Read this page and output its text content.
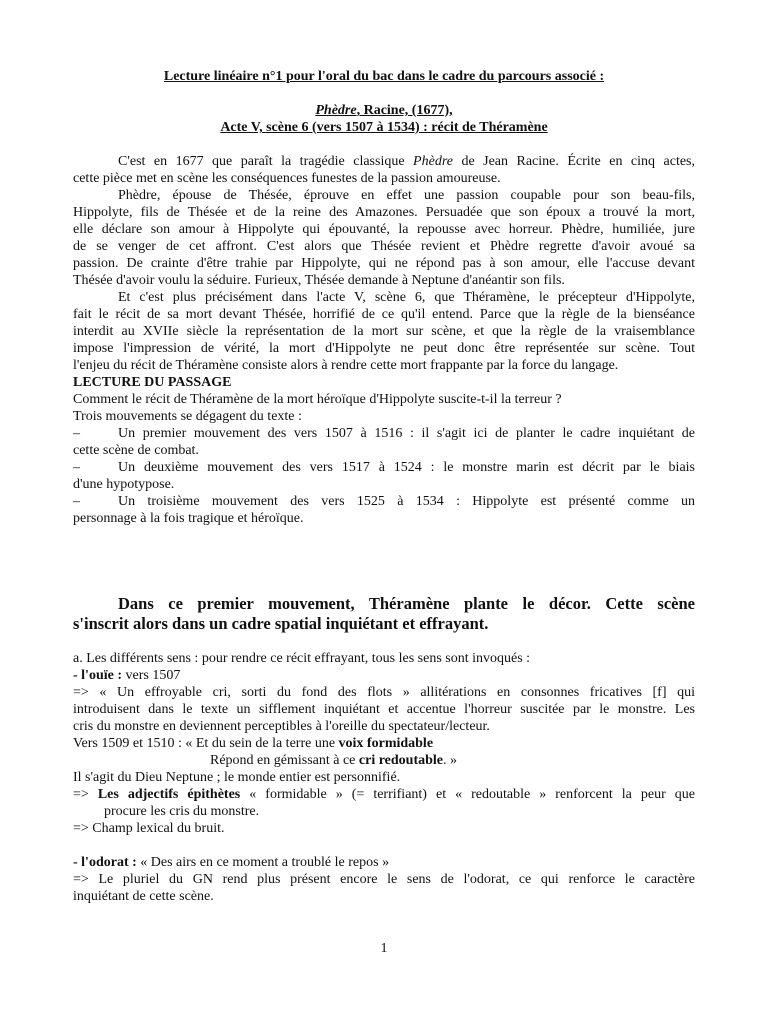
Lecture linéaire n°1 pour l'oral du bac dans le cadre du parcours associé :
Phèdre, Racine, (1677),
Acte V, scène 6 (vers 1507 à 1534) : récit de Théramène
C'est en 1677 que paraît la tragédie classique Phèdre de Jean Racine. Écrite en cinq actes,
cette pièce met en scène les conséquences funestes de la passion amoureuse.
Phèdre, épouse de Thésée, éprouve en effet une passion coupable pour son beau-fils,
Hippolyte, fils de Thésée et de la reine des Amazones. Persuadée que son époux a trouvé la mort,
elle déclare son amour à Hippolyte qui épouvanté, la repousse avec horreur. Phèdre, humiliée, jure
de se venger de cet affront. C'est alors que Thésée revient et Phèdre regrette d'avoir avoué sa
passion. De crainte d'être trahie par Hippolyte, qui ne répond pas à son amour, elle l'accuse devant
Thésée d'avoir voulu la séduire. Furieux, Thésée demande à Neptune d'anéantir son fils.
Et c'est plus précisément dans l'acte V, scène 6, que Théramène, le précepteur d'Hippolyte,
fait le récit de sa mort devant Thésée, horrifié de ce qu'il entend. Parce que la règle de la bienséance
interdit au XVIIe siècle la représentation de la mort sur scène, et que la règle de la vraisemblance
impose l'impression de vérité, la mort d'Hippolyte ne peut donc être représentée sur scène. Tout
l'enjeu du récit de Théramène consiste alors à rendre cette mort frappante par la force du langage.
LECTURE DU PASSAGE
Comment le récit de Théramène de la mort héroïque d'Hippolyte suscite-t-il la terreur ?
Trois mouvements se dégagent du texte :
–	Un premier mouvement des vers 1507 à 1516 : il s'agit ici de planter le cadre inquiétant de
cette scène de combat.
–	Un deuxième mouvement des vers 1517 à 1524 : le monstre marin est décrit par le biais
d'une hypotypose.
–	Un troisième mouvement des vers 1525 à 1534 : Hippolyte est présenté comme un
personnage à la fois tragique et héroïque.
Dans ce premier mouvement, Théramène plante le décor. Cette scène
s'inscrit alors dans un cadre spatial inquiétant et effrayant.
a. Les différents sens : pour rendre ce récit effrayant, tous les sens sont invoqués :
- l'ouïe : vers 1507
=> « Un effroyable cri, sorti du fond des flots » allitérations en consonnes fricatives [f] qui
introduisent dans le texte un sifflement inquiétant et accentue l'horreur suscitée par le monstre. Les
cris du monstre en deviennent perceptibles à l'oreille du spectateur/lecteur.
Vers 1509 et 1510 : « Et du sein de la terre une voix formidable
Répond en gémissant à ce cri redoutable. »
Il s'agit du Dieu Neptune ; le monde entier est personnifié.
=> Les adjectifs épithètes « formidable » (= terrifiant) et « redoutable » renforcent la peur que
procure les cris du monstre.
=> Champ lexical du bruit.
- l'odorat : « Des airs en ce moment a troublé le repos »
=> Le pluriel du GN rend plus présent encore le sens de l'odorat, ce qui renforce le caractère
inquiétant de cette scène.
1
